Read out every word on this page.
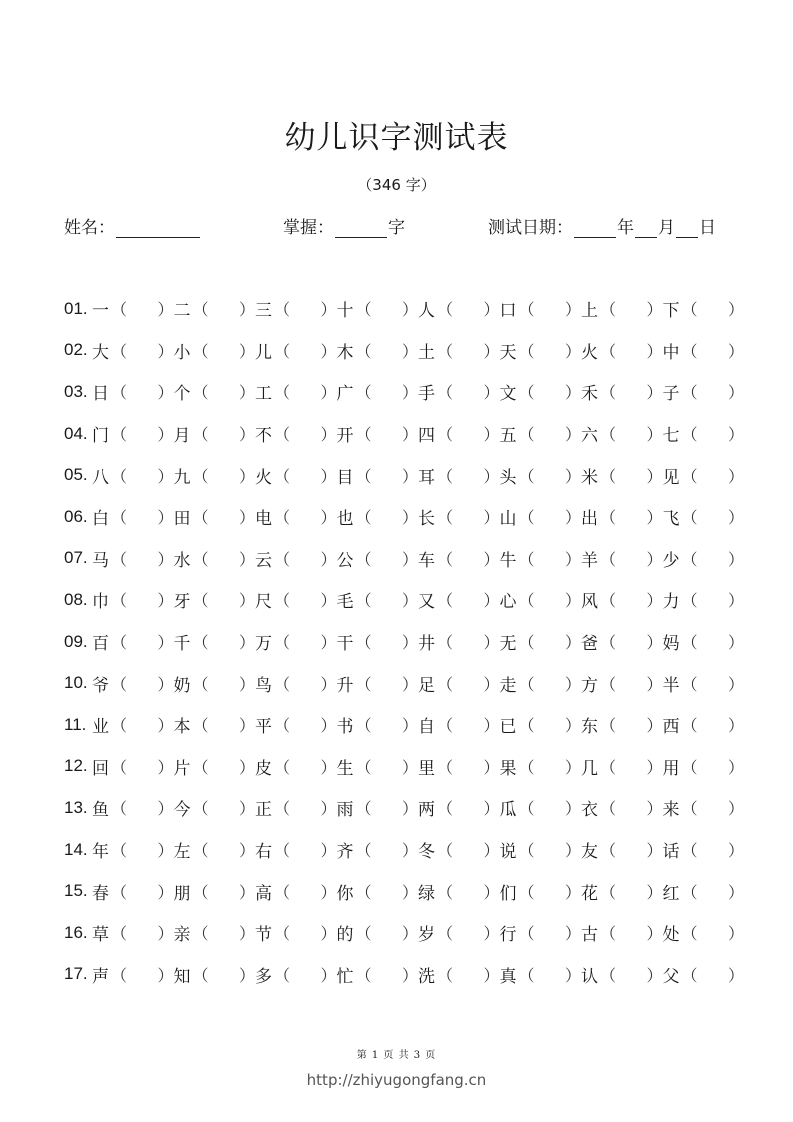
幼儿识字测试表
（346 字）
姓名：	掌握：	字	测试日期：	年 月 日
01. 一 （      ） 二 （      ） 三 （      ） 十 （      ） 人 （      ） 口 （      ） 上 （      ） 下 （      ）
02. 大 （      ） 小 （      ） 儿 （      ） 木 （      ） 土 （      ） 天 （      ） 火 （      ） 中 （      ）
03. 日 （      ） 个 （      ） 工 （      ） 广 （      ） 手 （      ） 文 （      ） 禾 （      ） 子 （      ）
04. 门 （      ） 月 （      ） 不 （      ） 开 （      ） 四 （      ） 五 （      ） 六 （      ） 七 （      ）
05. 八 （      ） 九 （      ） 火 （      ） 目 （      ） 耳 （      ） 头 （      ） 米 （      ） 见 （      ）
06. 白 （      ） 田 （      ） 电 （      ） 也 （      ） 长 （      ） 山 （      ） 出 （      ） 飞 （      ）
07. 马 （      ） 水 （      ） 云 （      ） 公 （      ） 车 （      ） 牛 （      ） 羊 （      ） 少 （      ）
08. 巾 （      ） 牙 （      ） 尺 （      ） 毛 （      ） 又 （      ） 心 （      ） 风 （      ） 力 （      ）
09. 百 （      ） 千 （      ） 万 （      ） 干 （      ） 井 （      ） 无 （      ） 爸 （      ） 妈 （      ）
10. 爷 （      ） 奶 （      ） 鸟 （      ） 升 （      ） 足 （      ） 走 （      ） 方 （      ） 半 （      ）
11. 业 （      ） 本 （      ） 平 （      ） 书 （      ） 自 （      ） 已 （      ） 东 （      ） 西 （      ）
12. 回 （      ） 片 （      ） 皮 （      ） 生 （      ） 里 （      ） 果 （      ） 几 （      ） 用 （      ）
13. 鱼 （      ） 今 （      ） 正 （      ） 雨 （      ） 两 （      ） 瓜 （      ） 衣 （      ） 来 （      ）
14. 年 （      ） 左 （      ） 右 （      ） 齐 （      ） 冬 （      ） 说 （      ） 友 （      ） 话 （      ）
15. 春 （      ） 朋 （      ） 高 （      ） 你 （      ） 绿 （      ） 们 （      ） 花 （      ） 红 （      ）
16. 草 （      ） 亲 （      ） 节 （      ） 的 （      ） 岁 （      ） 行 （      ） 古 （      ） 处 （      ）
17. 声 （      ） 知 （      ） 多 （      ） 忙 （      ） 洗 （      ） 真 （      ） 认 （      ） 父 （      ）
第 1 页 共 3 页
http://zhiyugongfang.cn
